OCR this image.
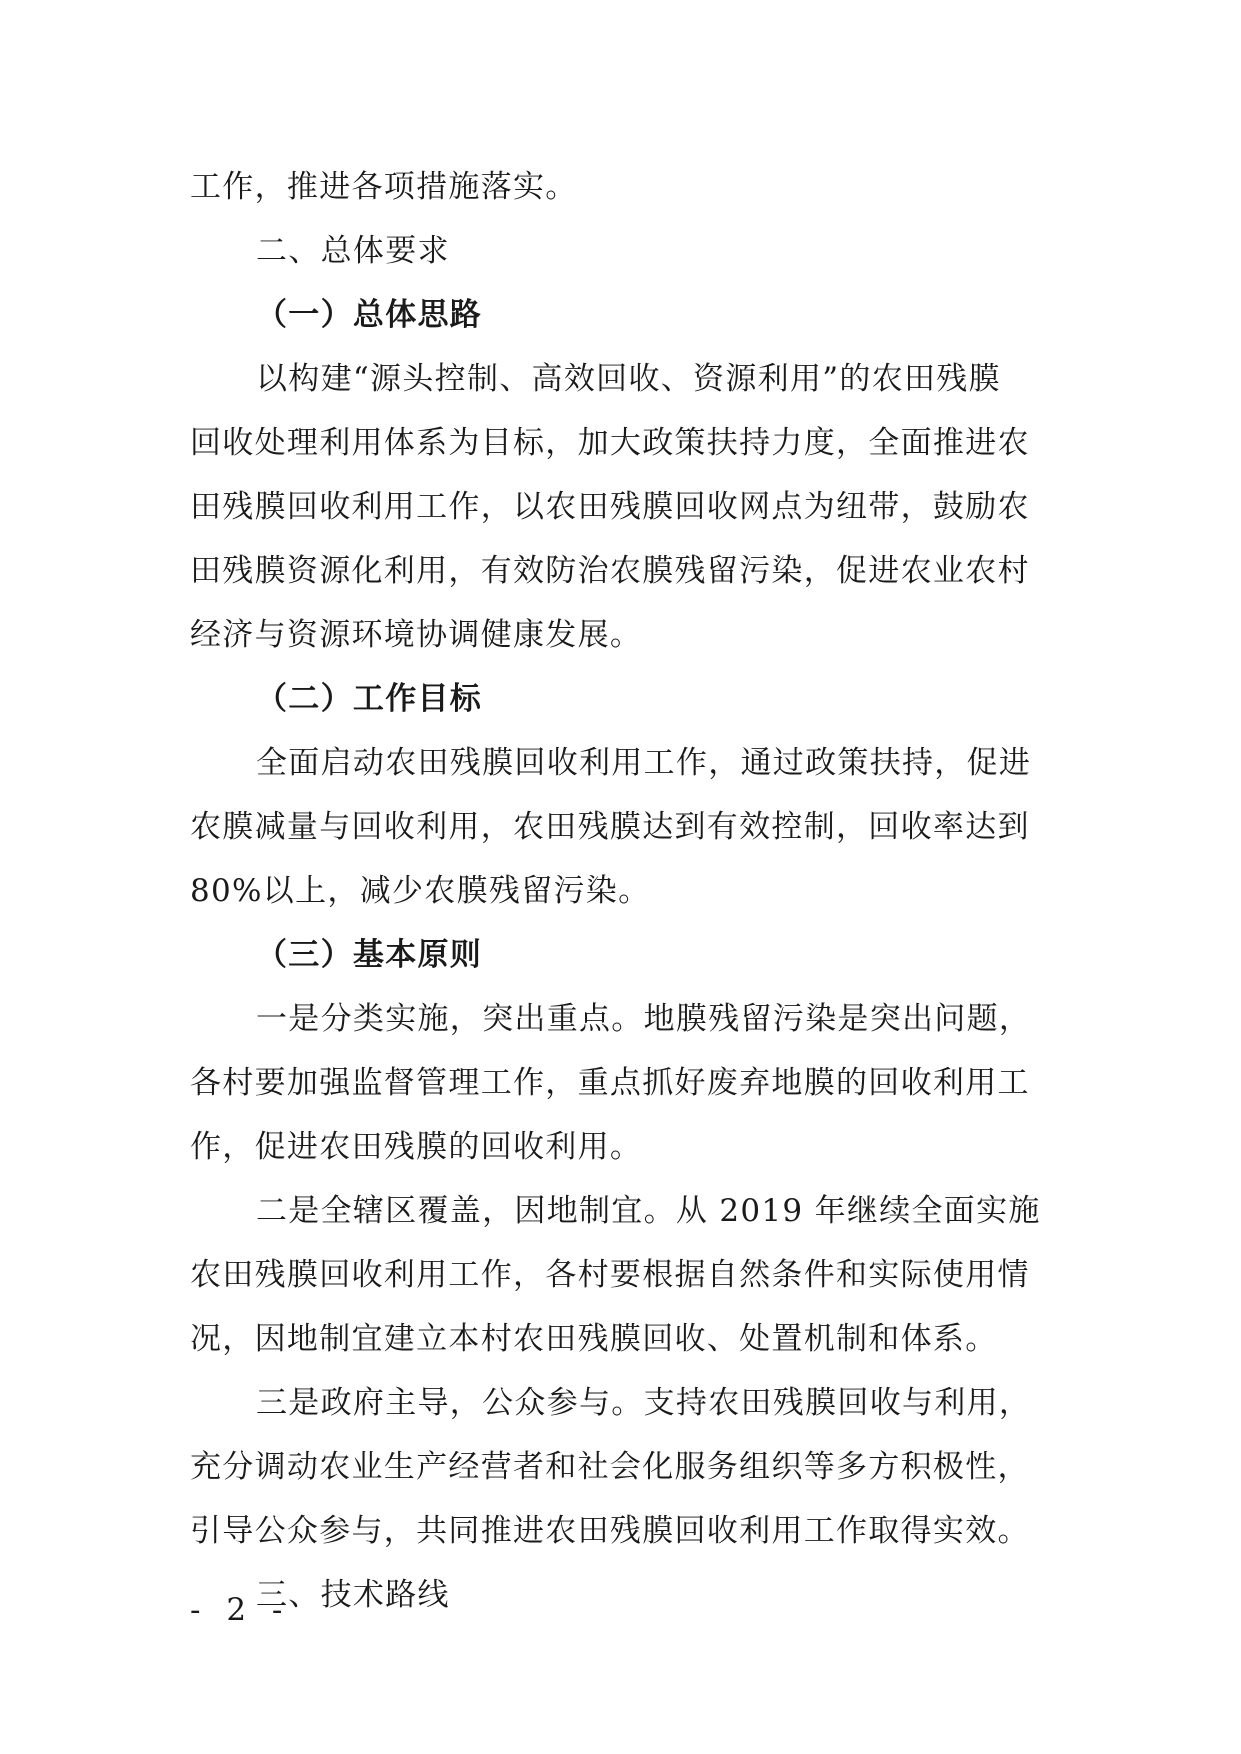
工作，推进各项措施落实。

二、总体要求

（一）总体思路

以构建“源头控制、高效回收、资源利用”的农田残膜

回收处理利用体系为目标，加大政策扶持力度，全面推进农

田残膜回收利用工作，以农田残膜回收网点为纽带，鼓励农

田残膜资源化利用，有效防治农膜残留污染，促进农业农村

经济与资源环境协调健康发展。

（二）工作目标

全面启动农田残膜回收利用工作，通过政策扶持，促进

农膜减量与回收利用，农田残膜达到有效控制，回收率达到

80%以上，减少农膜残留污染。

（三）基本原则

一是分类实施，突出重点。地膜残留污染是突出问题，

各村要加强监督管理工作，重点抓好废弃地膜的回收利用工

作，促进农田残膜的回收利用。

二是全辖区覆盖，因地制宜。从 2019 年继续全面实施

农田残膜回收利用工作，各村要根据自然条件和实际使用情

况，因地制宜建立本村农田残膜回收、处置机制和体系。

三是政府主导，公众参与。支持农田残膜回收与利用，

充分调动农业生产经营者和社会化服务组织等多方积极性，

引导公众参与，共同推进农田残膜回收利用工作取得实效。

三、技术路线

- 2 -
